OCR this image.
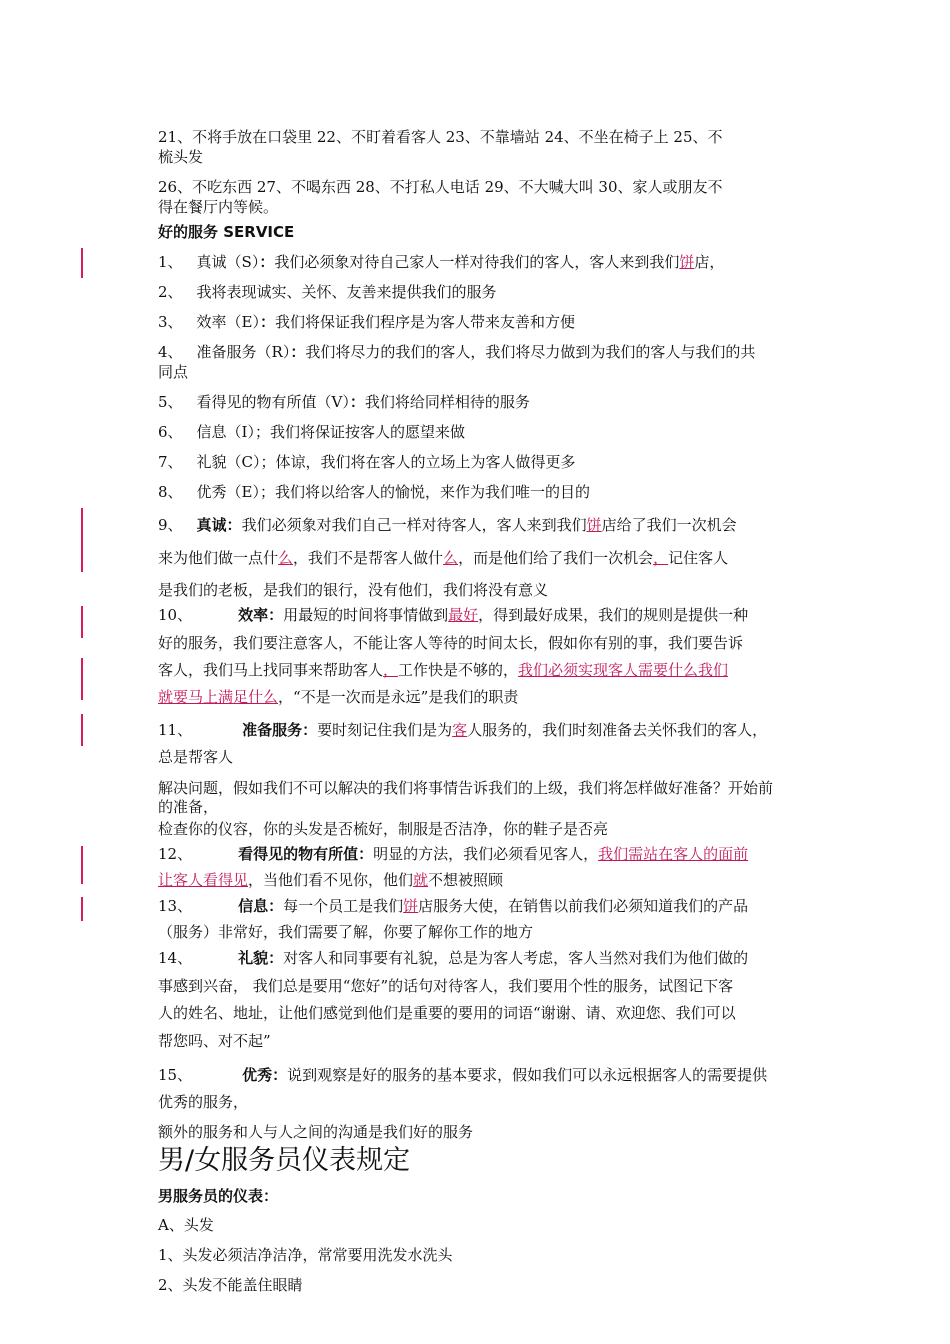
21、不将手放在口袋里 22、不盯着看客人 23、不靠墙站 24、不坐在椅子上 25、不
梳头发
26、不吃东西 27、不喝东西 28、不打私人电话 29、不大喊大叫 30、家人或朋友不
得在餐厅内等候。
好的服务 SERVICE
1、 真诚（S）：我们必须象对待自己家人一样对待我们的客人，客人来到我们饼店，
2、 我将表现诚实、关怀、友善来提供我们的服务
3、 效率（E）：我们将保证我们程序是为客人带来友善和方便
4、 准备服务（R）：我们将尽力的我们的客人，我们将尽力做到为我们的客人与我们的共
同点
5、 看得见的物有所值（V）：我们将给同样相待的服务
6、 信息（I）；我们将保证按客人的愿望来做
7、 礼貌（C）；体谅，我们将在客人的立场上为客人做得更多
8、 优秀（E）；我们将以给客人的愉悦，来作为我们唯一的目的
9、 真诚：我们必须象对我们自己一样对待客人，客人来到我们饼店给了我们一次机会
来为他们做一点什么，我们不是帮客人做什么，而是他们给了我们一次机会，记住客人
是我们的老板，是我们的银行，没有他们，我们将没有意义
10、	效率：用最短的时间将事情做到最好，得到最好成果，我们的规则是提供一种
好的服务，我们要注意客人，不能让客人等待的时间太长，假如你有别的事，我们要告诉
客人，我们马上找同事来帮助客人，工作快是不够的，我们必须实现客人需要什么我们
就要马上满足什么，“不是一次而是永远”是我们的职责
11、	准备服务：要时刻记住我们是为客人服务的，我们时刻准备去关怀我们的客人，
总是帮客人
解决问题，假如我们不可以解决的我们将事情告诉我们的上级，我们将怎样做好准备？开始前
的准备，
检查你的仪容，你的头发是否梳好，制服是否洁净，你的鞋子是否亮
12、	看得见的物有所值：明显的方法，我们必须看见客人，我们需站在客人的面前
让客人看得见，当他们看不见你，他们就不想被照顾
13、	信息：每一个员工是我们饼店服务大使，在销售以前我们必须知道我们的产品
（服务）非常好，我们需要了解，你要了解你工作的地方
14、	礼貌：对客人和同事要有礼貌，总是为客人考虑，客人当然对我们为他们做的
事感到兴奋， 我们总是要用“您好”的话句对待客人，我们要用个性的服务，试图记下客
人的姓名、地址，让他们感觉到他们是重要的要用的词语“谢谢、请、欢迎您、我们可以
帮您吗、对不起”
15、	优秀：说到观察是好的服务的基本要求，假如我们可以永远根据客人的需要提供
优秀的服务，
额外的服务和人与人之间的沟通是我们好的服务
男/女服务员仪表规定
男服务员的仪表：
A、头发
1、头发必须洁净洁净，常常要用洗发水洗头
2、头发不能盖住眼睛
